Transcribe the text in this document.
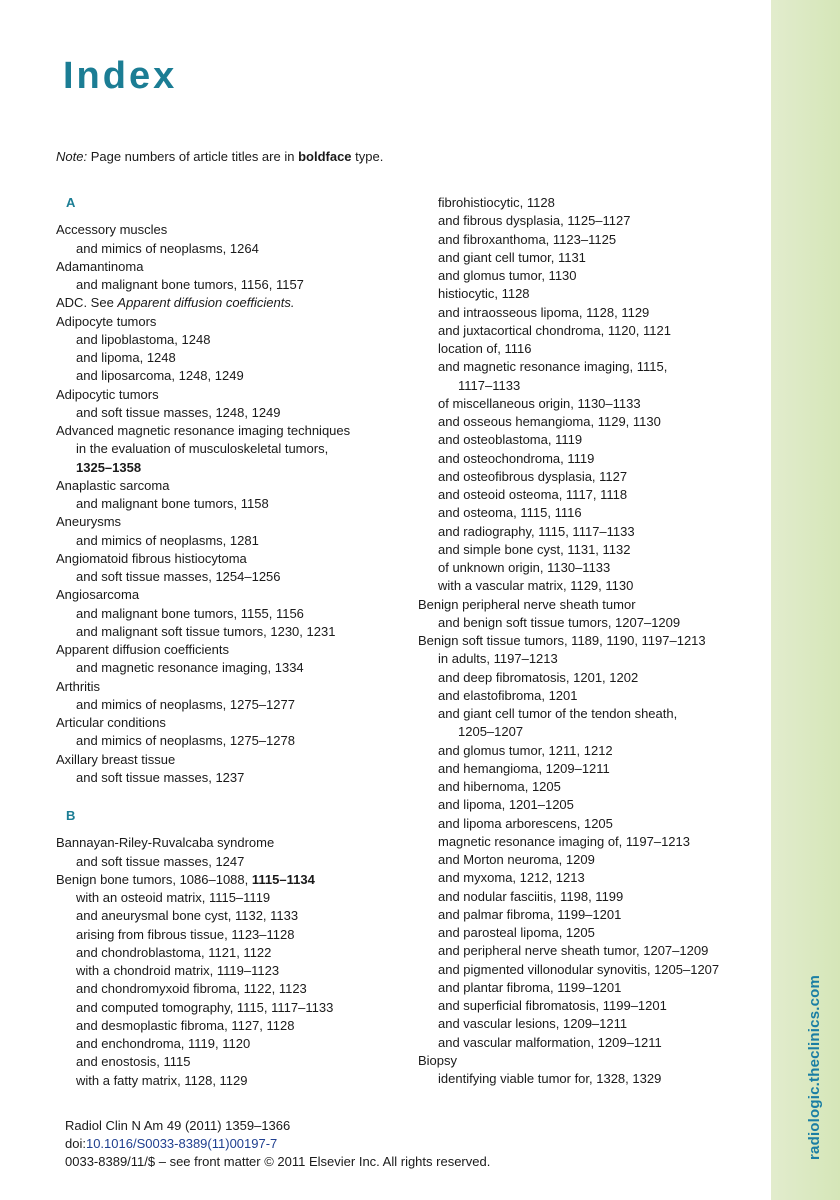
radiologic.theclinics.com
Index
Note: Page numbers of article titles are in boldface type.
A
Accessory muscles
and mimics of neoplasms, 1264
Adamantinoma
and malignant bone tumors, 1156, 1157
ADC. See Apparent diffusion coefficients.
Adipocyte tumors
and lipoblastoma, 1248
and lipoma, 1248
and liposarcoma, 1248, 1249
Adipocytic tumors
and soft tissue masses, 1248, 1249
Advanced magnetic resonance imaging techniques
in the evaluation of musculoskeletal tumors,
1325–1358
Anaplastic sarcoma
and malignant bone tumors, 1158
Aneurysms
and mimics of neoplasms, 1281
Angiomatoid fibrous histiocytoma
and soft tissue masses, 1254–1256
Angiosarcoma
and malignant bone tumors, 1155, 1156
and malignant soft tissue tumors, 1230, 1231
Apparent diffusion coefficients
and magnetic resonance imaging, 1334
Arthritis
and mimics of neoplasms, 1275–1277
Articular conditions
and mimics of neoplasms, 1275–1278
Axillary breast tissue
and soft tissue masses, 1237
B
Bannayan-Riley-Ruvalcaba syndrome
and soft tissue masses, 1247
Benign bone tumors, 1086–1088, 1115–1134
with an osteoid matrix, 1115–1119
and aneurysmal bone cyst, 1132, 1133
arising from fibrous tissue, 1123–1128
and chondroblastoma, 1121, 1122
with a chondroid matrix, 1119–1123
and chondromyxoid fibroma, 1122, 1123
and computed tomography, 1115, 1117–1133
and desmoplastic fibroma, 1127, 1128
and enchondroma, 1119, 1120
and enostosis, 1115
with a fatty matrix, 1128, 1129
fibrohistiocytic, 1128
and fibrous dysplasia, 1125–1127
and fibroxanthoma, 1123–1125
and giant cell tumor, 1131
and glomus tumor, 1130
histiocytic, 1128
and intraosseous lipoma, 1128, 1129
and juxtacortical chondroma, 1120, 1121
location of, 1116
and magnetic resonance imaging, 1115,
1117–1133
of miscellaneous origin, 1130–1133
and osseous hemangioma, 1129, 1130
and osteoblastoma, 1119
and osteochondroma, 1119
and osteofibrous dysplasia, 1127
and osteoid osteoma, 1117, 1118
and osteoma, 1115, 1116
and radiography, 1115, 1117–1133
and simple bone cyst, 1131, 1132
of unknown origin, 1130–1133
with a vascular matrix, 1129, 1130
Benign peripheral nerve sheath tumor
and benign soft tissue tumors, 1207–1209
Benign soft tissue tumors, 1189, 1190, 1197–1213
in adults, 1197–1213
and deep fibromatosis, 1201, 1202
and elastofibroma, 1201
and giant cell tumor of the tendon sheath,
1205–1207
and glomus tumor, 1211, 1212
and hemangioma, 1209–1211
and hibernoma, 1205
and lipoma, 1201–1205
and lipoma arborescens, 1205
magnetic resonance imaging of, 1197–1213
and Morton neuroma, 1209
and myxoma, 1212, 1213
and nodular fasciitis, 1198, 1199
and palmar fibroma, 1199–1201
and parosteal lipoma, 1205
and peripheral nerve sheath tumor, 1207–1209
and pigmented villonodular synovitis, 1205–1207
and plantar fibroma, 1199–1201
and superficial fibromatosis, 1199–1201
and vascular lesions, 1209–1211
and vascular malformation, 1209–1211
Biopsy
identifying viable tumor for, 1328, 1329
Radiol Clin N Am 49 (2011) 1359–1366
doi:10.1016/S0033-8389(11)00197-7
0033-8389/11/$ – see front matter © 2011 Elsevier Inc. All rights reserved.
